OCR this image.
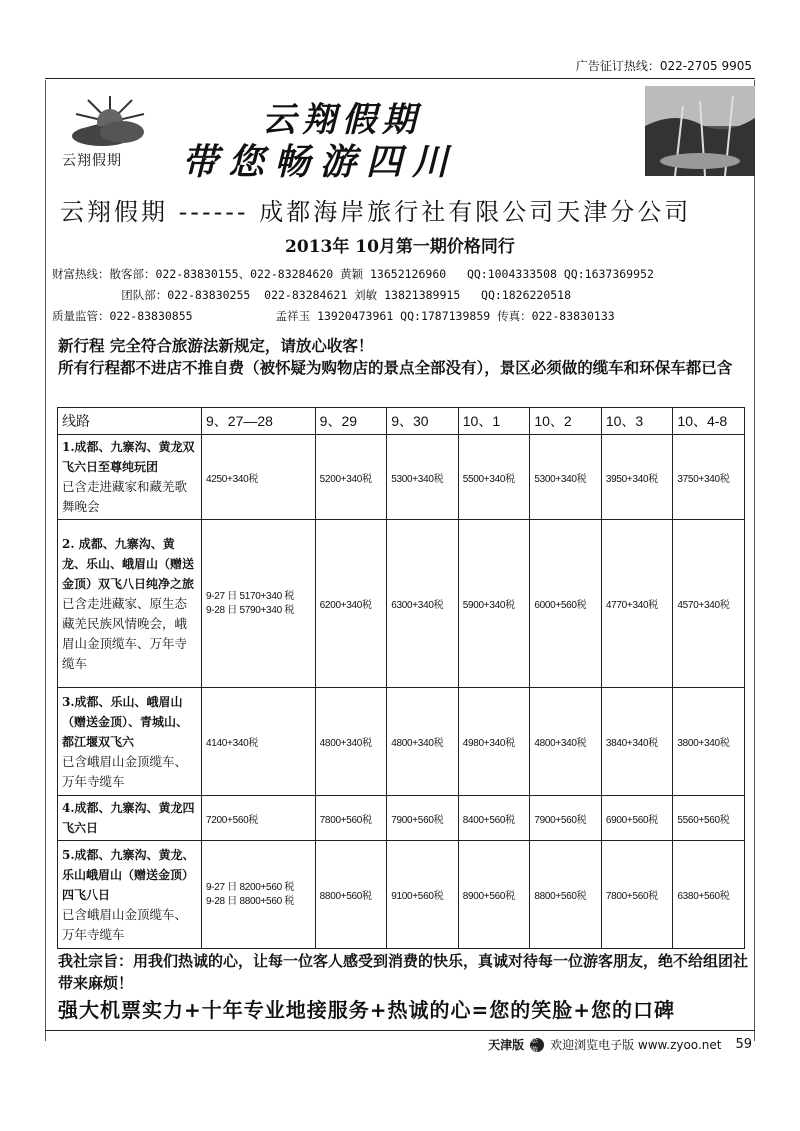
广告征订热线：022-2705 9905
云翔假期
云翔假期
带您畅游四川
云翔假期 ------ 成都海岸旅行社有限公司天津分公司
2013年 10月第一期价格同行
财富热线：散客部：022-83830155、022-83284620 黄颖 13652126960   QQ:1004333508 QQ:1637369952
团队部：022-83830255  022-83284621 刘敏 13821389915   QQ:1826220518
质量监管：022-83830855            孟祥玉 13920473961 QQ:1787139859 传真：022-83830133
新行程 完全符合旅游法新规定，请放心收客！
所有行程都不进店不推自费（被怀疑为购物店的景点全部没有），景区必须做的缆车和环保车都已含
线路	9、27—28	9、29	9、30	10、1	10、2	10、3	10、4-8
1.成都、九寨沟、黄龙双飞六日至尊纯玩团
已含走进藏家和藏羌歌舞晚会	4250+340税	5200+340税	5300+340税	5500+340税	5300+340税	3950+340税	3750+340税
2. 成都、九寨沟、黄龙、乐山、峨眉山（赠送金顶）双飞八日纯净之旅
已含走进藏家、原生态藏羌民族风情晚会，峨眉山金顶缆车、万年寺缆车	9-27 日 5170+340 税
9-28 日 5790+340 税	6200+340税	6300+340税	5900+340税	6000+560税	4770+340税	4570+340税
3.成都、乐山、峨眉山（赠送金顶）、青城山、都江堰双飞六
已含峨眉山金顶缆车、万年寺缆车	4140+340税	4800+340税	4800+340税	4980+340税	4800+340税	3840+340税	3800+340税
4.成都、九寨沟、黄龙四飞六日	7200+560税	7800+560税	7900+560税	8400+560税	7900+560税	6900+560税	5560+560税
5.成都、九寨沟、黄龙、乐山峨眉山（赠送金顶）四飞八日
已含峨眉山金顶缆车、万年寺缆车	9-27 日 8200+560 税
9-28 日 8800+560 税	8800+560税	9100+560税	8900+560税	8800+560税	7800+560税	6380+560税
我社宗旨：用我们热诚的心，让每一位客人感受到消费的快乐，真诚对待每一位游客朋友，绝不给组团社带来麻烦！
强大机票实力+十年专业地接服务+热诚的心=您的笑脸+您的口碑
天津版 悠游	欢迎浏览电子版 www.zyoo.net 59
